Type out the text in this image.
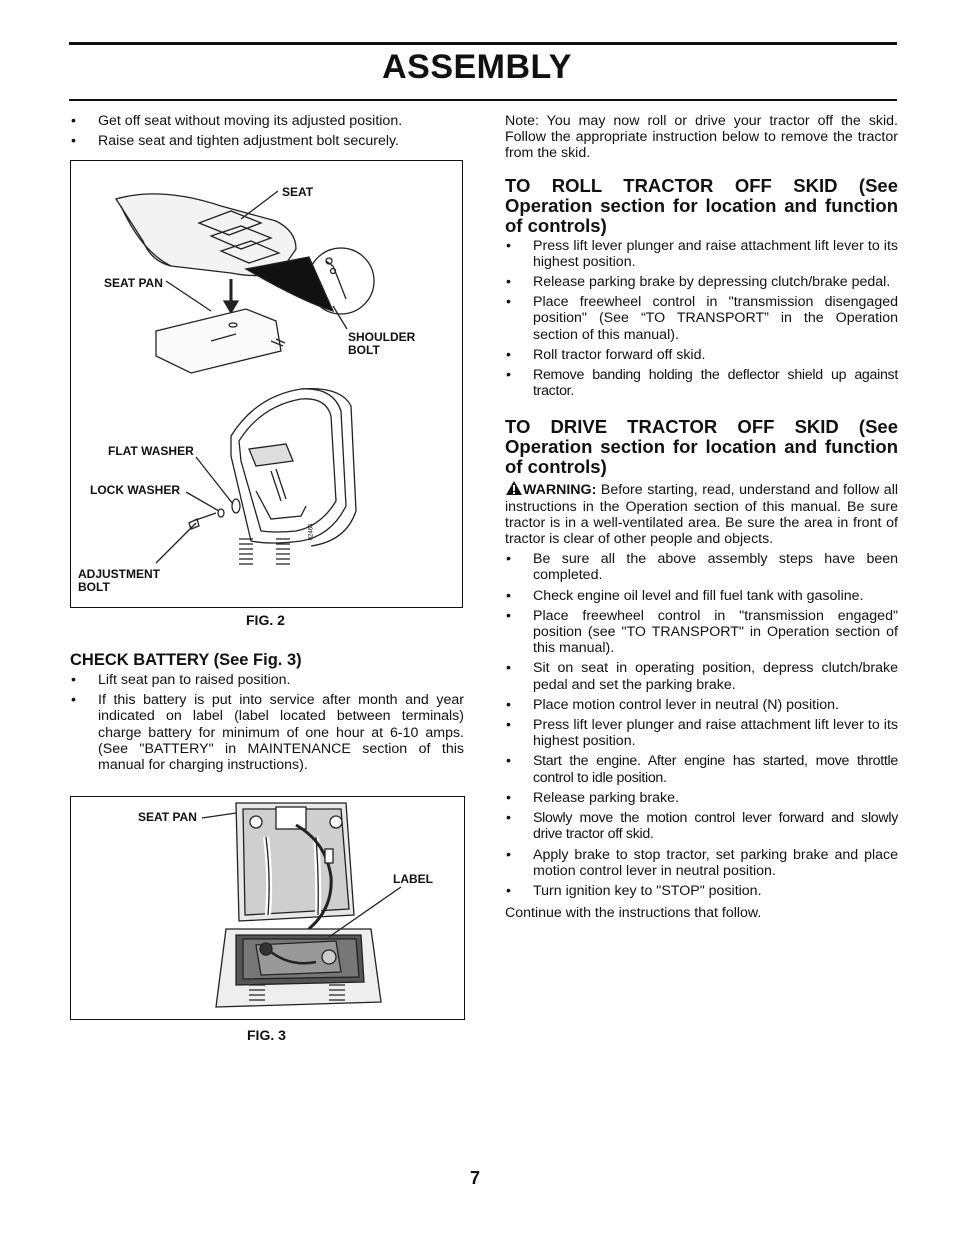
ASSEMBLY
• Get off seat without moving its adjusted position.
• Raise seat and tighten adjustment bolt securely.
SEAT
SEAT PAN
SHOULDER
BOLT
FLAT WASHER
LOCK WASHER
ADJUSTMENT
BOLT
02465
FIG. 2
CHECK BATTERY (See Fig. 3)
• Lift seat pan to raised position.
• If this battery is put into service after month and year indicated on label (label located between terminals) charge battery for minimum of one hour at 6-10 amps. (See "BATTERY" in MAINTENANCE section of this manual for charging instructions).
SEAT PAN
LABEL
FIG. 3

Note: You may now roll or drive your tractor off the skid. Follow the appropriate instruction below to remove the tractor from the skid.

TO ROLL TRACTOR OFF SKID (See Operation section for location and function of controls)
• Press lift lever plunger and raise attachment lift lever to its highest position.
• Release parking brake by depressing clutch/brake pedal.
• Place freewheel control in "transmission disengaged position" (See “TO TRANSPORT” in the Operation section of this manual).
• Roll tractor forward off skid.
• Remove banding holding the deflector shield up against tractor.
TO DRIVE TRACTOR OFF SKID (See Operation section for location and function of controls)

WARNING: Before starting, read, understand and follow all instructions in the Operation section of this manual. Be sure tractor is in a well-ventilated area. Be sure the area in front of tractor is clear of other people and objects.

• Be sure all the above assembly steps have been completed.
• Check engine oil level and fill fuel tank with gasoline.
• Place freewheel control in "transmission engaged" position (see "TO TRANSPORT" in Operation section of this manual).
• Sit on seat in operating position, depress clutch/brake pedal and set the parking brake.
• Place motion control lever in neutral (N) position.
• Press lift lever plunger and raise attachment lift lever to its highest position.
• Start the engine. After engine has started, move throttle control to idle position.
• Release parking brake.
• Slowly move the motion control lever forward and slowly drive tractor off skid.
• Apply brake to stop tractor, set parking brake and place motion control lever in neutral position.
• Turn ignition key to "STOP" position.

Continue with the instructions that follow.

7
